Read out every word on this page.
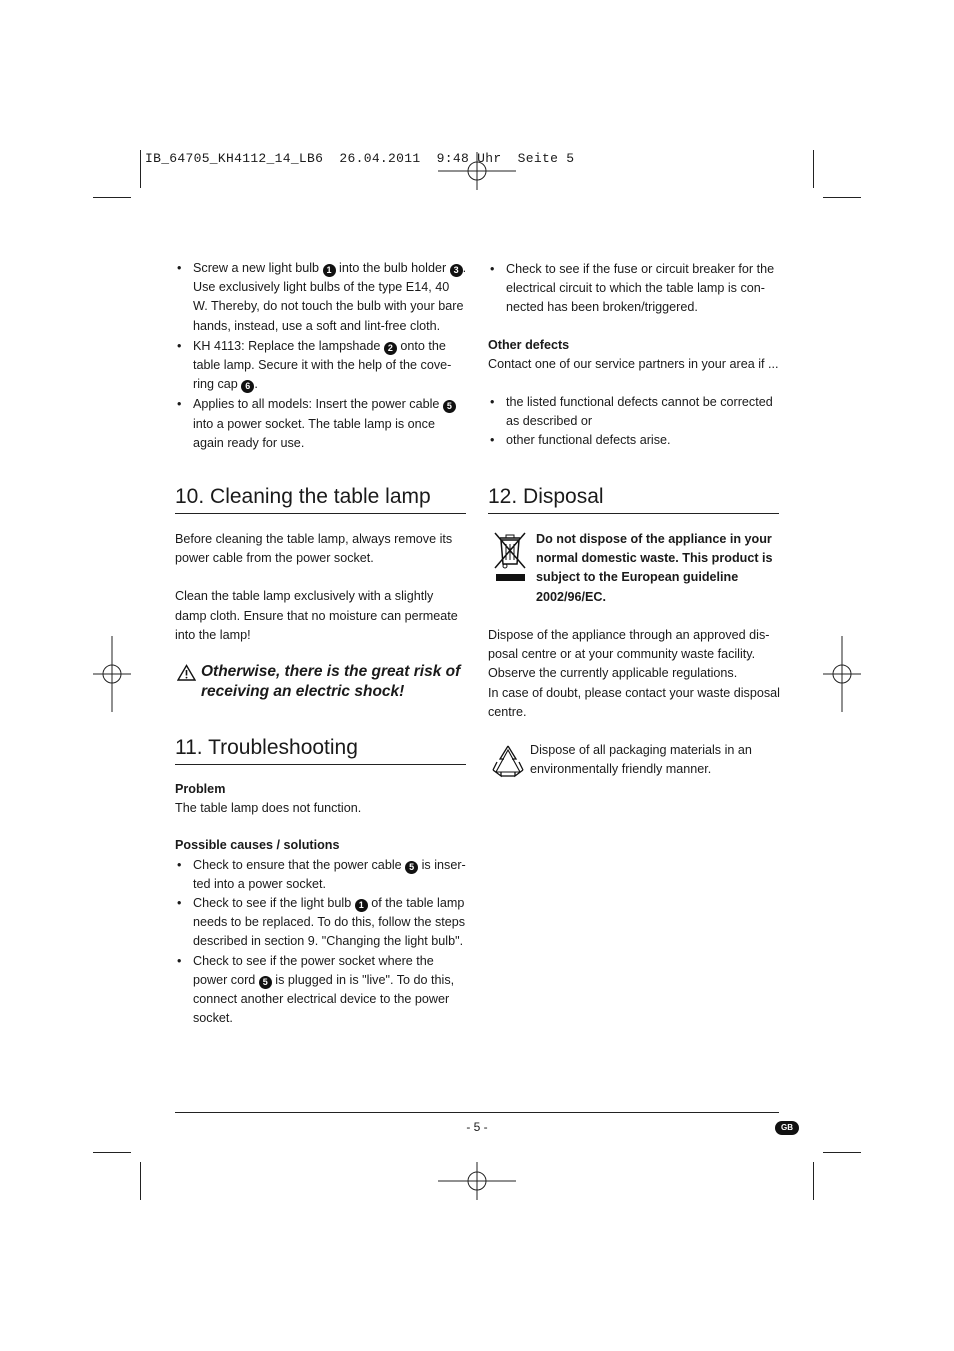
IB_64705_KH4112_14_LB6  26.04.2011  9:48 Uhr  Seite 5
• Screw a new light bulb 1 into the bulb holder 3 . Use exclusively light bulbs of the type E14, 40 W. Thereby, do not touch the bulb with your bare hands, instead, use a soft and lint-free cloth.
• KH 4113: Replace the lampshade 2 onto the table lamp. Secure it with the help of the cove-ring cap 6 .
• Applies to all models: Insert the power cable 5 into a power socket. The table lamp is once again ready for use.
10. Cleaning the table lamp

Before cleaning the table lamp, always remove its power cable from the power socket.

Clean the table lamp exclusively with a slightly damp cloth. Ensure that no moisture can permeate into the lamp!

Otherwise, there is the great risk of receiving an electric shock!
11. Troubleshooting

Problem

The table lamp does not function.

Possible causes / solutions

• Check to ensure that the power cable 5 is inser-ted into a power socket.
• Check to see if the light bulb 1 of the table lamp needs to be replaced. To do this, follow the steps described in section 9. "Changing the light bulb".
• Check to see if the power socket where the power cord 5 is plugged in is "live". To do this, connect another electrical device to the power socket.
• Check to see if the fuse or circuit breaker for the electrical circuit to which the table lamp is con-nected has been broken/triggered.

Other defects

Contact one of our service partners in your area if ...

• the listed functional defects cannot be corrected as described or
• other functional defects arise.
12. Disposal
Do not dispose of the appliance in your normal domestic waste. This product is subject to the European guideline 2002/96/EC.

Dispose of the appliance through an approved dis-posal centre or at your community waste facility. Observe the currently applicable regulations.

In case of doubt, please contact your waste disposal centre.

Dispose of all packaging materials in an environmentally friendly manner.
- 5 -	GB
